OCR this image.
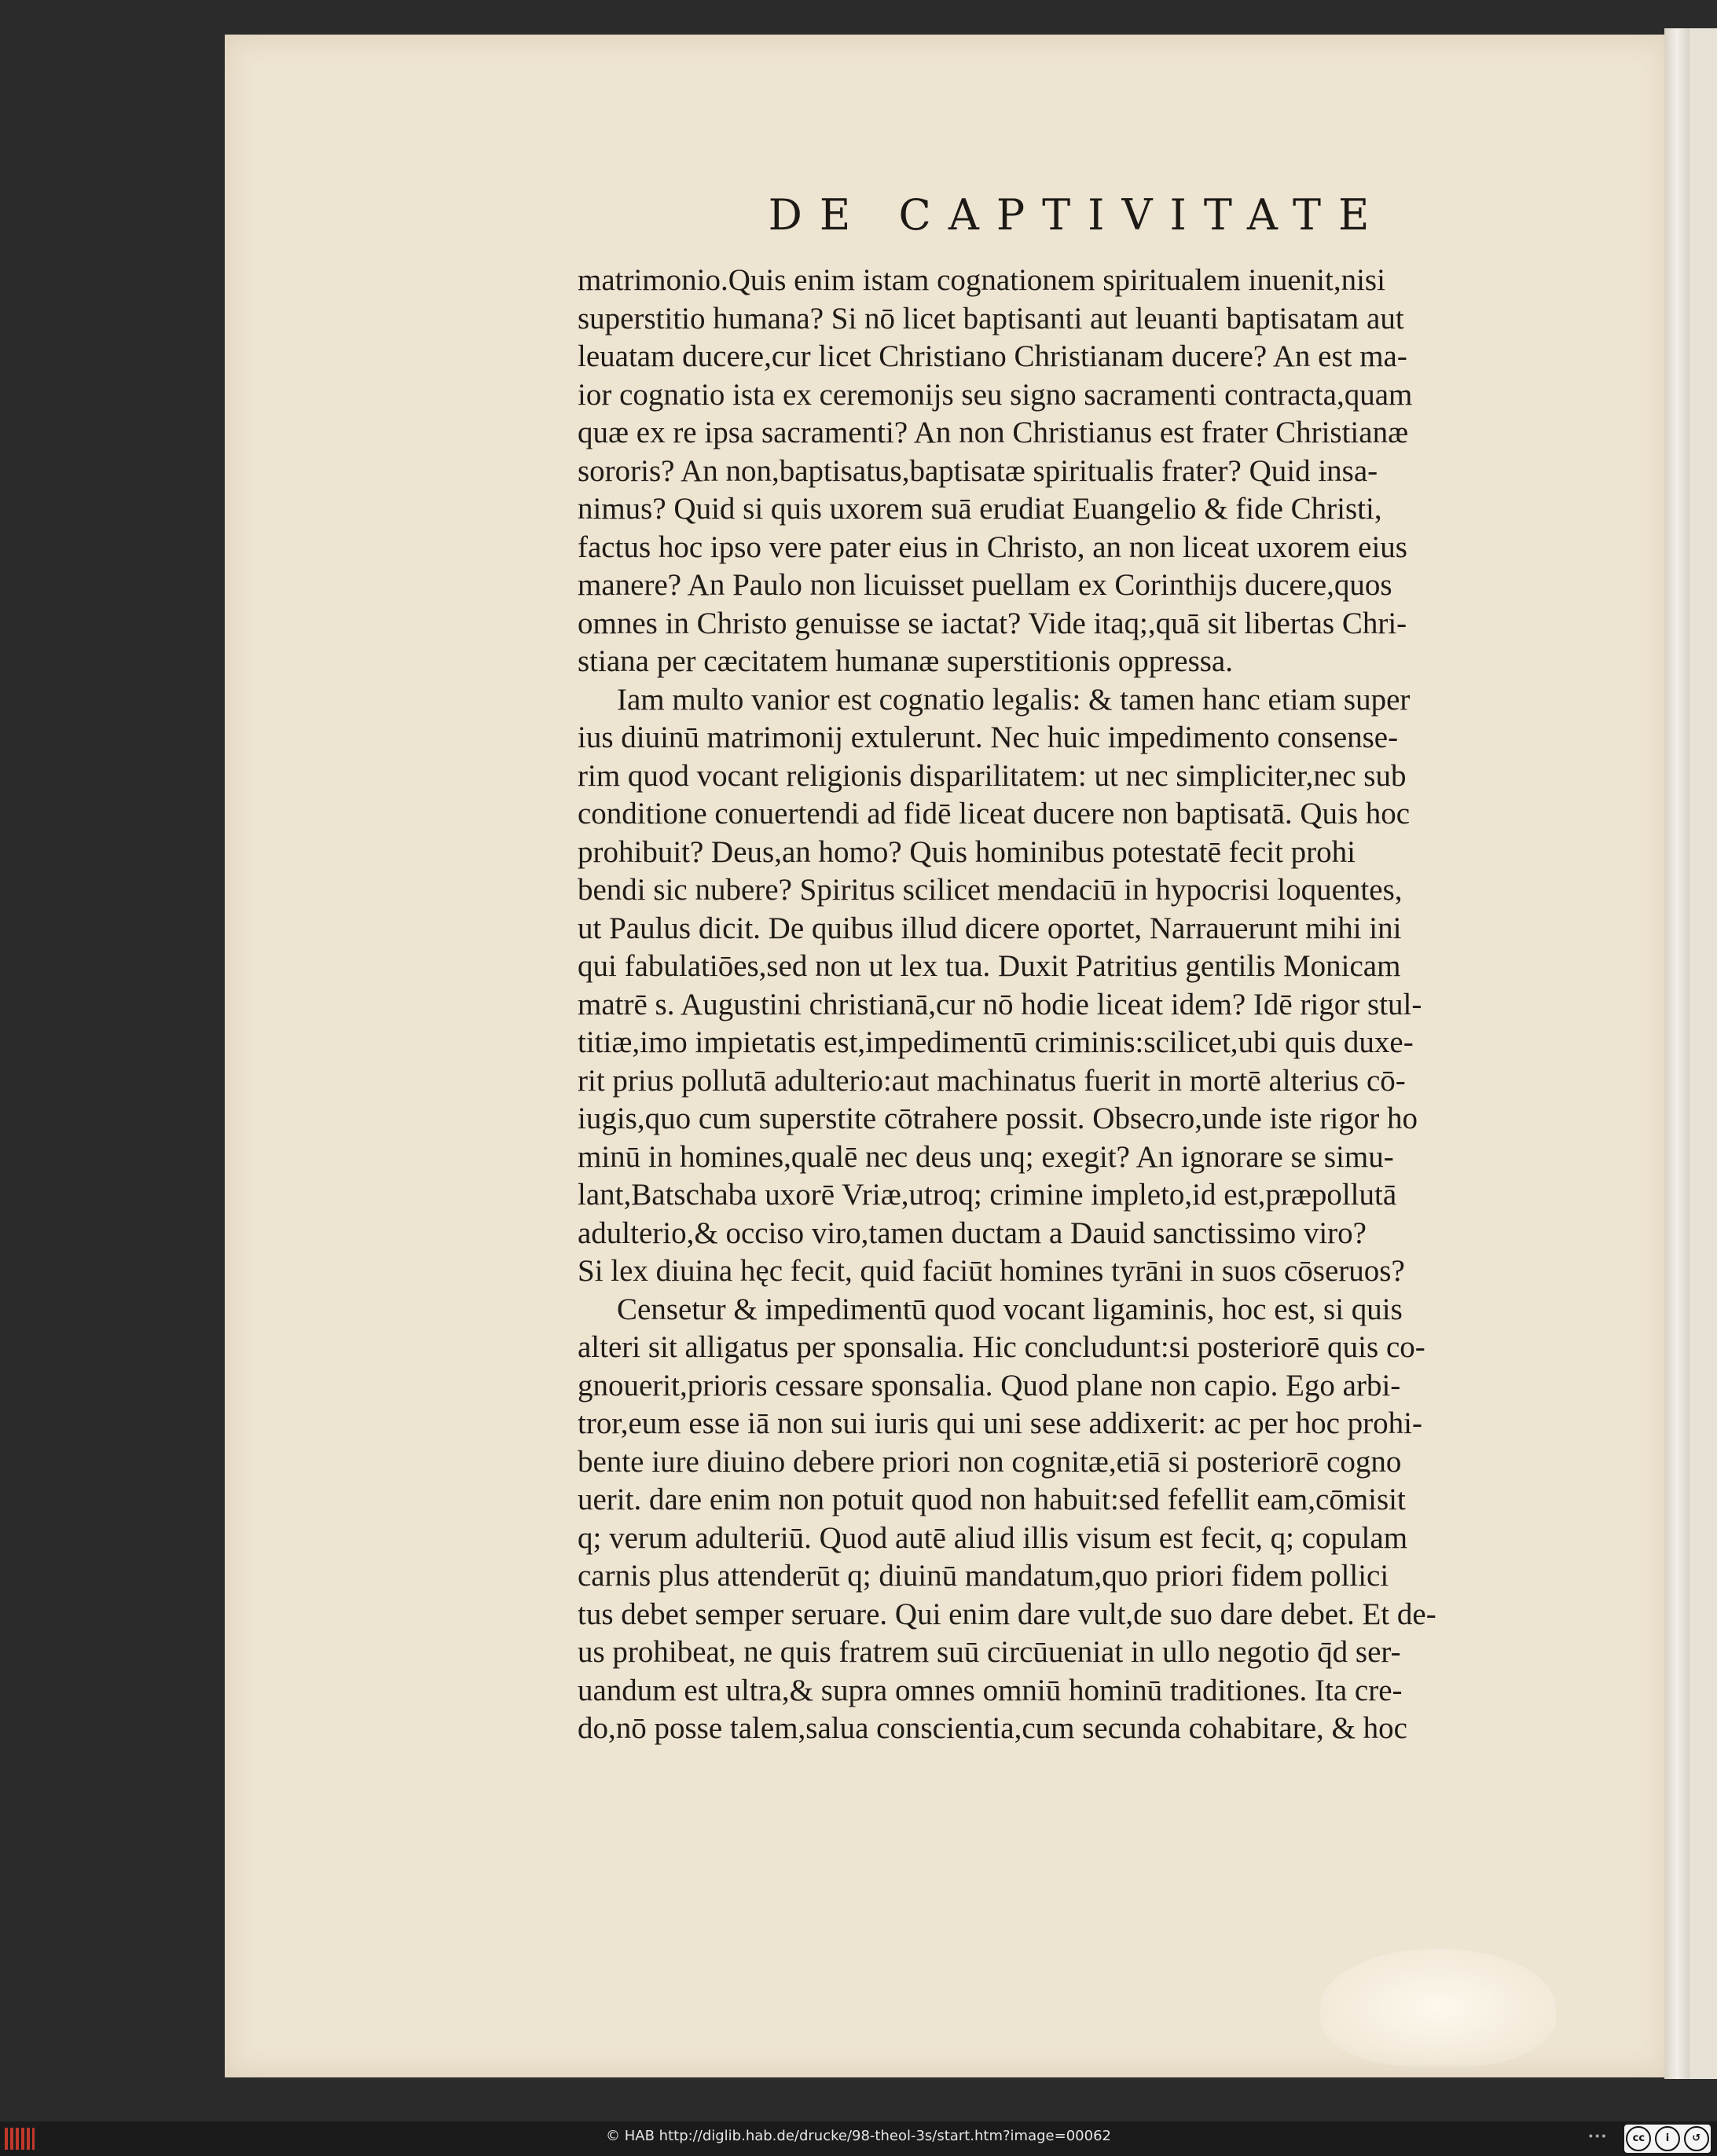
DE CAPTIVITATE
matrimonio.Quis enim istam cognationem spiritualem inuenit,nisi
superstitio humana? Si nō licet baptisanti aut leuanti baptisatam aut
leuatam ducere,cur licet Christiano Christianam ducere? An est ma-
ior cognatio ista ex ceremonijs seu signo sacramenti contracta,quam
quæ ex re ipsa sacramenti? An non Christianus est frater Christianæ
sororis? An non,baptisatus,baptisatæ spiritualis frater? Quid insa-
nimus? Quid si quis uxorem suā erudiat Euangelio & fide Christi,
factus hoc ipso vere pater eius in Christo, an non liceat uxorem eius
manere? An Paulo non licuisset puellam ex Corinthijs ducere,quos
omnes in Christo genuisse se iactat? Vide itaq;,quā sit libertas Chri-
stiana per cæcitatem humanæ superstitionis oppressa.
Iam multo vanior est cognatio legalis: & tamen hanc etiam super
ius diuinū matrimonij extulerunt. Nec huic impedimento consense-
rim quod vocant religionis disparilitatem: ut nec simpliciter,nec sub
conditione conuertendi ad fidē liceat ducere non baptisatā. Quis hoc
prohibuit? Deus,an homo? Quis hominibus potestatē fecit prohi
bendi sic nubere? Spiritus scilicet mendaciū in hypocrisi loquentes,
ut Paulus dicit. De quibus illud dicere oportet, Narrauerunt mihi ini
qui fabulatiōes,sed non ut lex tua. Duxit Patritius gentilis Monicam
matrē s. Augustini christianā,cur nō hodie liceat idem? Idē rigor stul-
titiæ,imo impietatis est,impedimentū criminis:scilicet,ubi quis duxe-
rit prius pollutā adulterio:aut machinatus fuerit in mortē alterius cō-
iugis,quo cum superstite cōtrahere possit. Obsecro,unde iste rigor ho
minū in homines,qualē nec deus unq; exegit? An ignorare se simu-
lant,Batschaba uxorē Vriæ,utroq; crimine impleto,id est,præpollutā
adulterio,& occiso viro,tamen ductam a Dauid sanctissimo viro?
Si lex diuina hęc fecit, quid faciūt homines tyrāni in suos cōseruos?
Censetur & impedimentū quod vocant ligaminis, hoc est, si quis
alteri sit alligatus per sponsalia. Hic concludunt:si posteriorē quis co-
gnouerit,prioris cessare sponsalia. Quod plane non capio. Ego arbi-
tror,eum esse iā non sui iuris qui uni sese addixerit: ac per hoc prohi-
bente iure diuino debere priori non cognitæ,etiā si posteriorē cogno
uerit. dare enim non potuit quod non habuit:sed fefellit eam,cōmisit
q; verum adulteriū. Quod autē aliud illis visum est fecit, q; copulam
carnis plus attenderūt q; diuinū mandatum,quo priori fidem pollici
tus debet semper seruare. Qui enim dare vult,de suo dare debet. Et de-
us prohibeat, ne quis fratrem suū circūueniat in ullo negotio q̄d ser-
uandum est ultra,& supra omnes omniū hominū traditiones. Ita cre-
do,nō posse talem,salua conscientia,cum secunda cohabitare, & hoc
© HAB http://diglib.hab.de/drucke/98-theol-3s/start.htm?image=00062	•••	cc	i	↺
